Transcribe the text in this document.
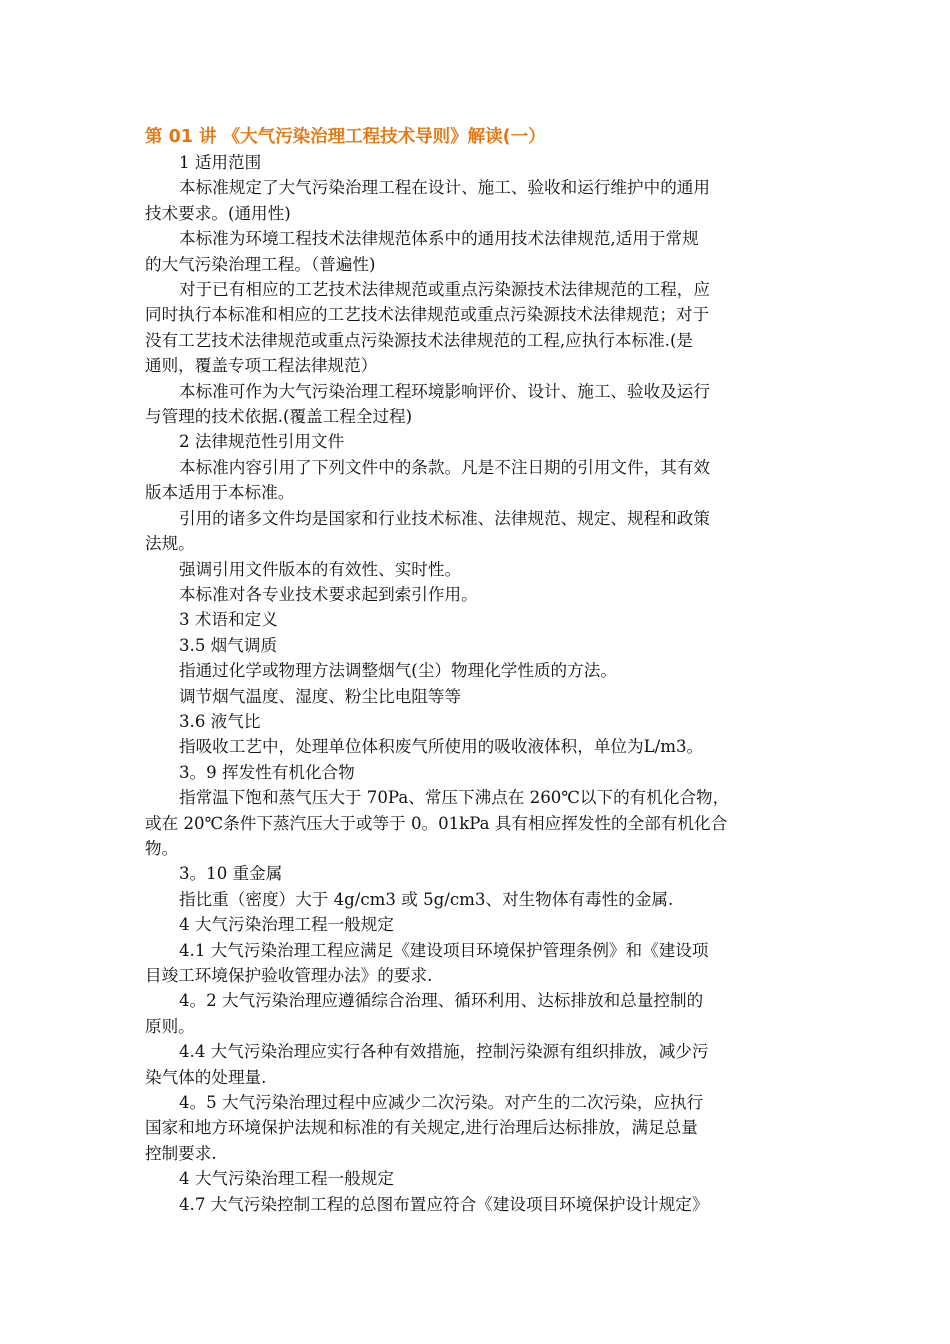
第 01 讲 《大气污染治理工程技术导则》解读(一）
1 适用范围
本标准规定了大气污染治理工程在设计、施工、验收和运行维护中的通用
技术要求。(通用性)
本标准为环境工程技术法律规范体系中的通用技术法律规范,适用于常规
的大气污染治理工程。（普遍性)
对于已有相应的工艺技术法律规范或重点污染源技术法律规范的工程，应
同时执行本标准和相应的工艺技术法律规范或重点污染源技术法律规范；对于
没有工艺技术法律规范或重点污染源技术法律规范的工程,应执行本标准.(是
通则，覆盖专项工程法律规范）
本标准可作为大气污染治理工程环境影响评价、设计、施工、验收及运行
与管理的技术依据.(覆盖工程全过程)
2 法律规范性引用文件
本标准内容引用了下列文件中的条款。凡是不注日期的引用文件，其有效
版本适用于本标准。
引用的诸多文件均是国家和行业技术标准、法律规范、规定、规程和政策
法规。
强调引用文件版本的有效性、实时性。
本标准对各专业技术要求起到索引作用。
3 术语和定义
3.5 烟气调质
指通过化学或物理方法调整烟气(尘）物理化学性质的方法。
调节烟气温度、湿度、粉尘比电阻等等
3.6 液气比
指吸收工艺中，处理单位体积废气所使用的吸收液体积，单位为L/m3。
3。9 挥发性有机化合物
指常温下饱和蒸气压大于 70Pa、常压下沸点在 260℃以下的有机化合物，
或在 20℃条件下蒸汽压大于或等于 0。01kPa 具有相应挥发性的全部有机化合
物。
3。10 重金属
指比重（密度）大于 4g/cm3 或 5g/cm3、对生物体有毒性的金属.
4 大气污染治理工程一般规定
4.1 大气污染治理工程应满足《建设项目环境保护管理条例》和《建设项
目竣工环境保护验收管理办法》的要求.
4。2 大气污染治理应遵循综合治理、循环利用、达标排放和总量控制的
原则。
4.4 大气污染治理应实行各种有效措施，控制污染源有组织排放，减少污
染气体的处理量.
4。5 大气污染治理过程中应减少二次污染。对产生的二次污染，应执行
国家和地方环境保护法规和标准的有关规定,进行治理后达标排放，满足总量
控制要求.
4 大气污染治理工程一般规定
4.7 大气污染控制工程的总图布置应符合《建设项目环境保护设计规定》
